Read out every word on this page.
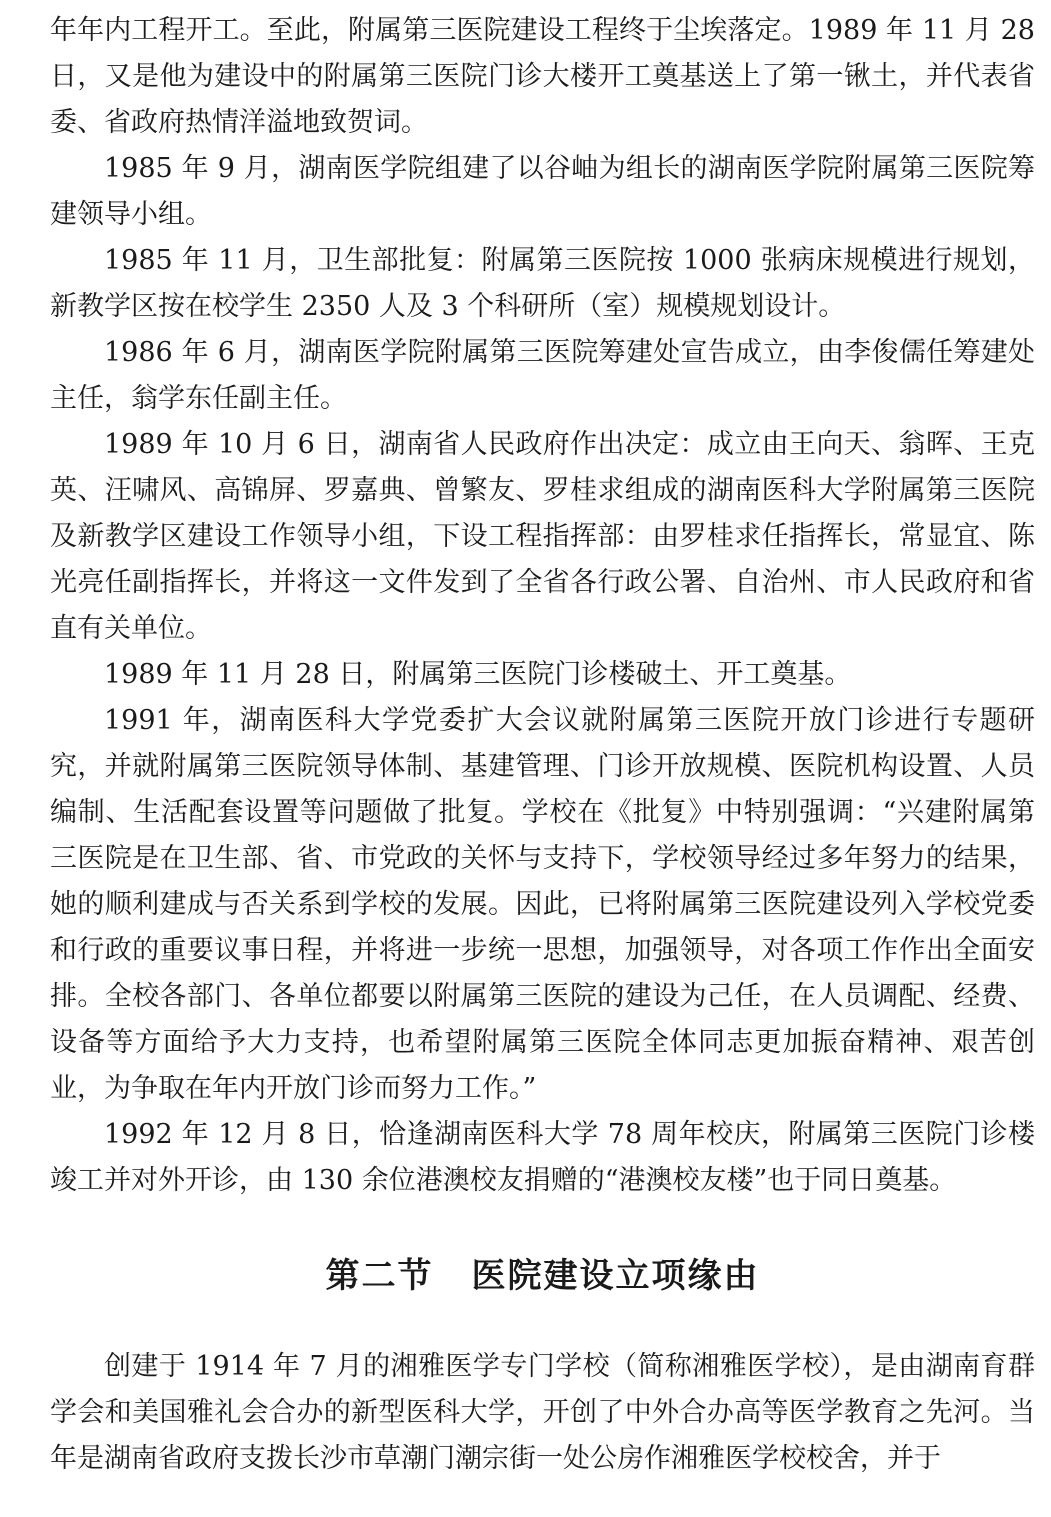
年年内工程开工。至此，附属第三医院建设工程终于尘埃落定。1989 年 11 月 28 日，又是他为建设中的附属第三医院门诊大楼开工奠基送上了第一锹土，并代表省委、省政府热情洋溢地致贺词。

1985 年 9 月，湖南医学院组建了以谷岫为组长的湖南医学院附属第三医院筹建领导小组。

1985 年 11 月，卫生部批复：附属第三医院按 1000 张病床规模进行规划，新教学区按在校学生 2350 人及 3 个科研所（室）规模规划设计。

1986 年 6 月，湖南医学院附属第三医院筹建处宣告成立，由李俊儒任筹建处主任，翁学东任副主任。

1989 年 10 月 6 日，湖南省人民政府作出决定：成立由王向天、翁晖、王克英、汪啸风、高锦屏、罗嘉典、曾繁友、罗桂求组成的湖南医科大学附属第三医院及新教学区建设工作领导小组，下设工程指挥部：由罗桂求任指挥长，常显宜、陈光亮任副指挥长，并将这一文件发到了全省各行政公署、自治州、市人民政府和省直有关单位。

1989 年 11 月 28 日，附属第三医院门诊楼破土、开工奠基。

1991 年，湖南医科大学党委扩大会议就附属第三医院开放门诊进行专题研究，并就附属第三医院领导体制、基建管理、门诊开放规模、医院机构设置、人员编制、生活配套设置等问题做了批复。学校在《批复》中特别强调：“兴建附属第三医院是在卫生部、省、市党政的关怀与支持下，学校领导经过多年努力的结果，她的顺利建成与否关系到学校的发展。因此，已将附属第三医院建设列入学校党委和行政的重要议事日程，并将进一步统一思想，加强领导，对各项工作作出全面安排。全校各部门、各单位都要以附属第三医院的建设为己任，在人员调配、经费、设备等方面给予大力支持，也希望附属第三医院全体同志更加振奋精神、艰苦创业，为争取在年内开放门诊而努力工作。”

1992 年 12 月 8 日，恰逢湖南医科大学 78 周年校庆，附属第三医院门诊楼竣工并对外开诊，由 130 余位港澳校友捐赠的“港澳校友楼”也于同日奠基。

第二节 医院建设立项缘由

创建于 1914 年 7 月的湘雅医学专门学校（简称湘雅医学校），是由湖南育群学会和美国雅礼会合办的新型医科大学，开创了中外合办高等医学教育之先河。当年是湖南省政府支拨长沙市草潮门潮宗街一处公房作湘雅医学校校舍，并于
